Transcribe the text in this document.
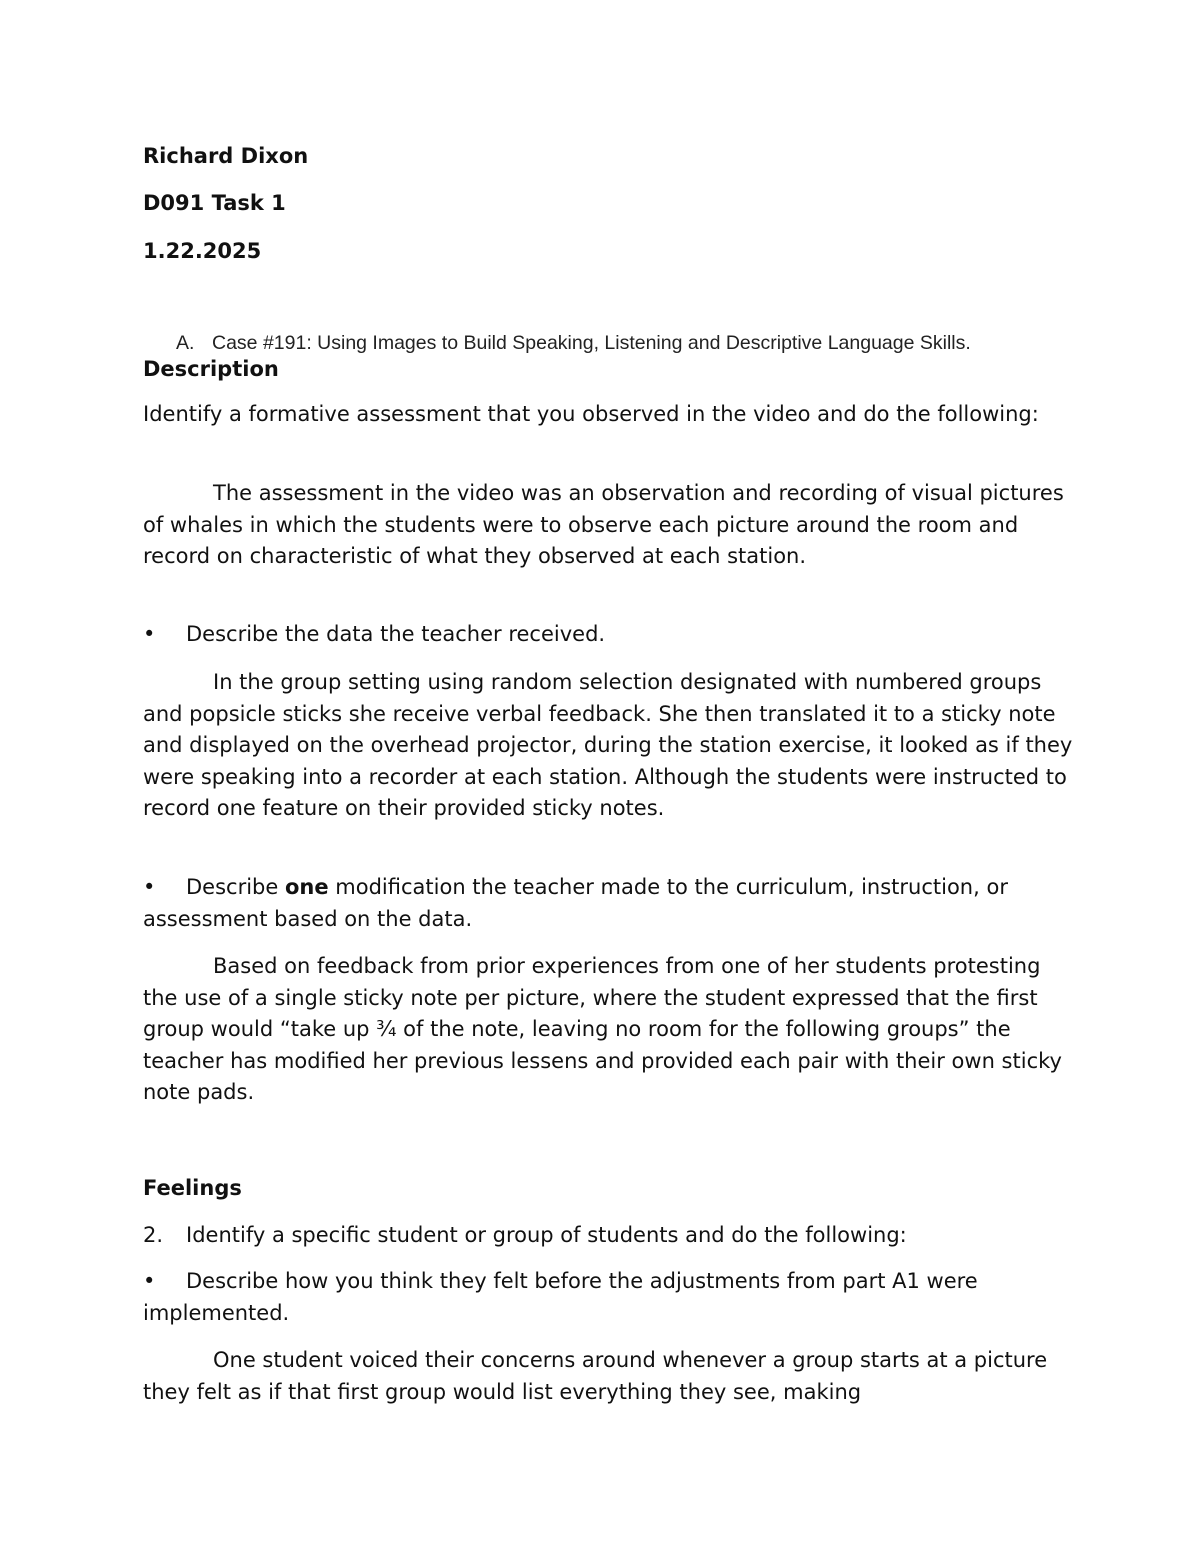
Richard Dixon
D091 Task 1
1.22.2025
A. Case #191: Using Images to Build Speaking, Listening and Descriptive Language Skills.
Description

Identify a formative assessment that you observed in the video and do the following:

The assessment in the video was an observation and recording of visual pictures of whales in which the students were to observe each picture around the room and record on characteristic of what they observed at each station.

• Describe the data the teacher received.

In the group setting using random selection designated with numbered groups and popsicle sticks she receive verbal feedback. She then translated it to a sticky note and displayed on the overhead projector, during the station exercise, it looked as if they were speaking into a recorder at each station. Although the students were instructed to record one feature on their provided sticky notes.

• Describe one modification the teacher made to the curriculum, instruction, or assessment based on the data.

Based on feedback from prior experiences from one of her students protesting the use of a single sticky note per picture, where the student expressed that the first group would “take up ¾ of the note, leaving no room for the following groups” the teacher has modified her previous lessens and provided each pair with their own sticky note pads.

Feelings
2. Identify a specific student or group of students and do the following:

• Describe how you think they felt before the adjustments from part A1 were implemented.

One student voiced their concerns around whenever a group starts at a picture they felt as if that first group would list everything they see, making
